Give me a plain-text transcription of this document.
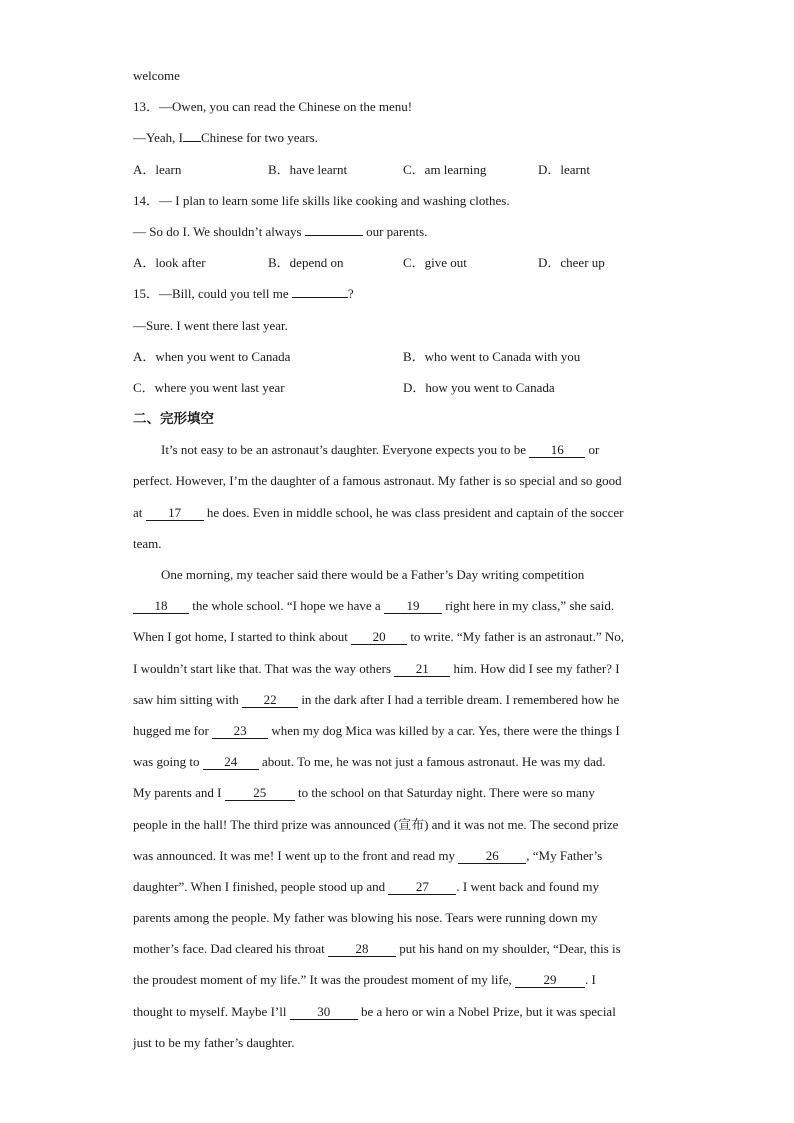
welcome
13．—Owen, you can read the Chinese on the menu!
—Yeah, I Chinese for two years.
A．learn	B．have learnt	C．am learning	D．learnt
14．— I plan to learn some life skills like cooking and washing clothes.
— So do I. We shouldn’t always	our parents.
A．look after	B．depend on	C．give out	D．cheer up
15．—Bill, could you tell me	?
—Sure. I went there last year.
A．when you went to Canada	B．who went to Canada with you
C．where you went last year	D．how you went to Canada
二、完形填空
It’s not easy to be an astronaut’s daughter. Everyone expects you to be 16 or
perfect. However, I’m the daughter of a famous astronaut. My father is so special and so good
at 17 he does. Even in middle school, he was class president and captain of the soccer
team.
One morning, my teacher said there would be a Father’s Day writing competition
18 the whole school. “I hope we have a 19 right here in my class,” she said.
When I got home, I started to think about 20 to write. “My father is an astronaut.” No,
I wouldn’t start like that. That was the way others 21 him. How did I see my father? I
saw him sitting with 22 in the dark after I had a terrible dream. I remembered how he
hugged me for 23 when my dog Mica was killed by a car. Yes, there were the things I
was going to 24 about. To me, he was not just a famous astronaut. He was my dad.
My parents and I 25 to the school on that Saturday night. There were so many
people in the hall! The third prize was announced (宣布) and it was not me. The second prize
was announced. It was me! I went up to the front and read my 26 , “My Father’s
daughter”. When I finished, people stood up and 27 . I went back and found my
parents among the people. My father was blowing his nose. Tears were running down my
mother’s face. Dad cleared his throat 28 put his hand on my shoulder, “Dear, this is
the proudest moment of my life.” It was the proudest moment of my life, 29 . I
thought to myself. Maybe I’ll 30 be a hero or win a Nobel Prize, but it was special
just to be my father’s daughter.
